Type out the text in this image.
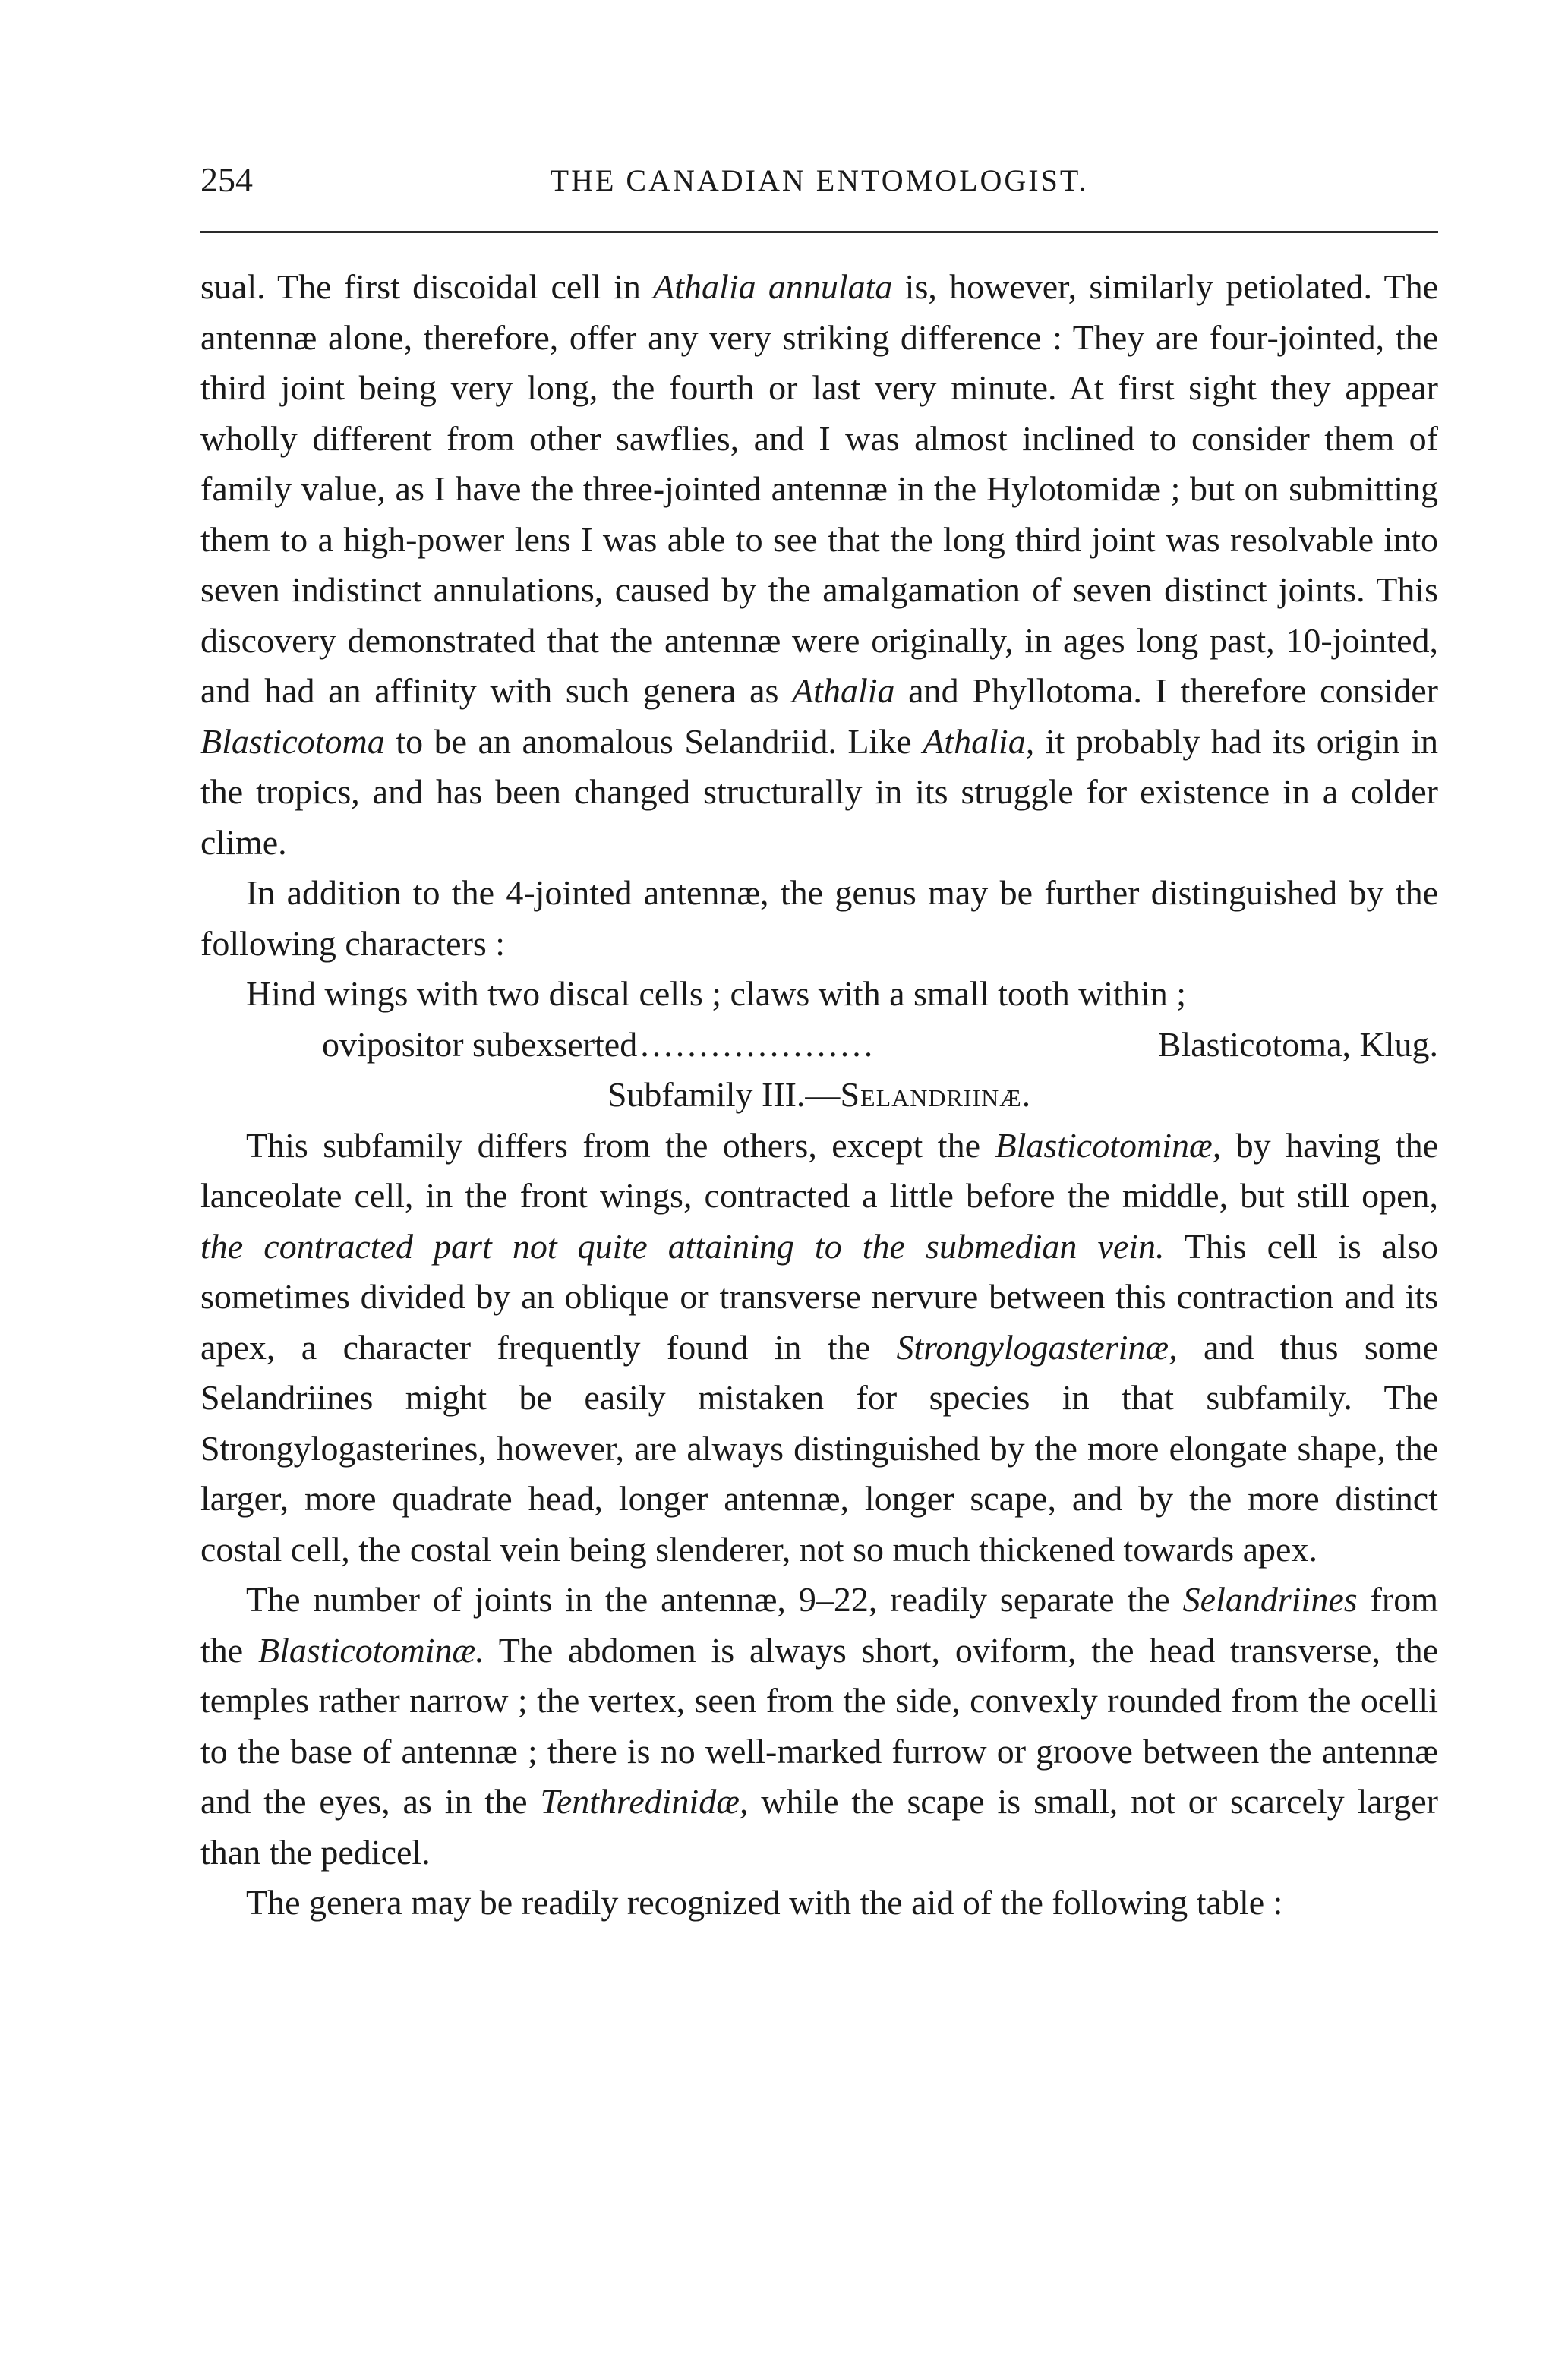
254	THE CANADIAN ENTOMOLOGIST.

sual. The first discoidal cell in Athalia annulata is, however, similarly petiolated. The antennæ alone, therefore, offer any very striking difference : They are four-jointed, the third joint being very long, the fourth or last very minute. At first sight they appear wholly different from other sawflies, and I was almost inclined to consider them of family value, as I have the three-jointed antennæ in the Hylotomidæ ; but on submitting them to a high-power lens I was able to see that the long third joint was resolvable into seven indistinct annulations, caused by the amalgamation of seven distinct joints. This discovery demonstrated that the antennæ were originally, in ages long past, 10-jointed, and had an affinity with such genera as Athalia and Phyllotoma. I therefore consider Blasticotoma to be an anomalous Selandriid. Like Athalia, it probably had its origin in the tropics, and has been changed structurally in its struggle for existence in a colder clime.

In addition to the 4-jointed antennæ, the genus may be further distinguished by the following characters :

Hind wings with two discal cells ; claws with a small tooth within ;
ovipositor subexserted ....................	Blasticotoma, Klug.
Subfamily III.—Selandriinæ.

This subfamily differs from the others, except the Blasticotominæ, by having the lanceolate cell, in the front wings, contracted a little before the middle, but still open, the contracted part not quite attaining to the submedian vein. This cell is also sometimes divided by an oblique or transverse nervure between this contraction and its apex, a character frequently found in the Strongylogasterinæ, and thus some Selandriines might be easily mistaken for species in that subfamily. The Strongylogasterines, however, are always distinguished by the more elongate shape, the larger, more quadrate head, longer antennæ, longer scape, and by the more distinct costal cell, the costal vein being slenderer, not so much thickened towards apex.

The number of joints in the antennæ, 9–22, readily separate the Selandriines from the Blasticotominæ. The abdomen is always short, oviform, the head transverse, the temples rather narrow ; the vertex, seen from the side, convexly rounded from the ocelli to the base of antennæ ; there is no well-marked furrow or groove between the antennæ and the eyes, as in the Tenthredinidæ, while the scape is small, not or scarcely larger than the pedicel.

The genera may be readily recognized with the aid of the following table :
